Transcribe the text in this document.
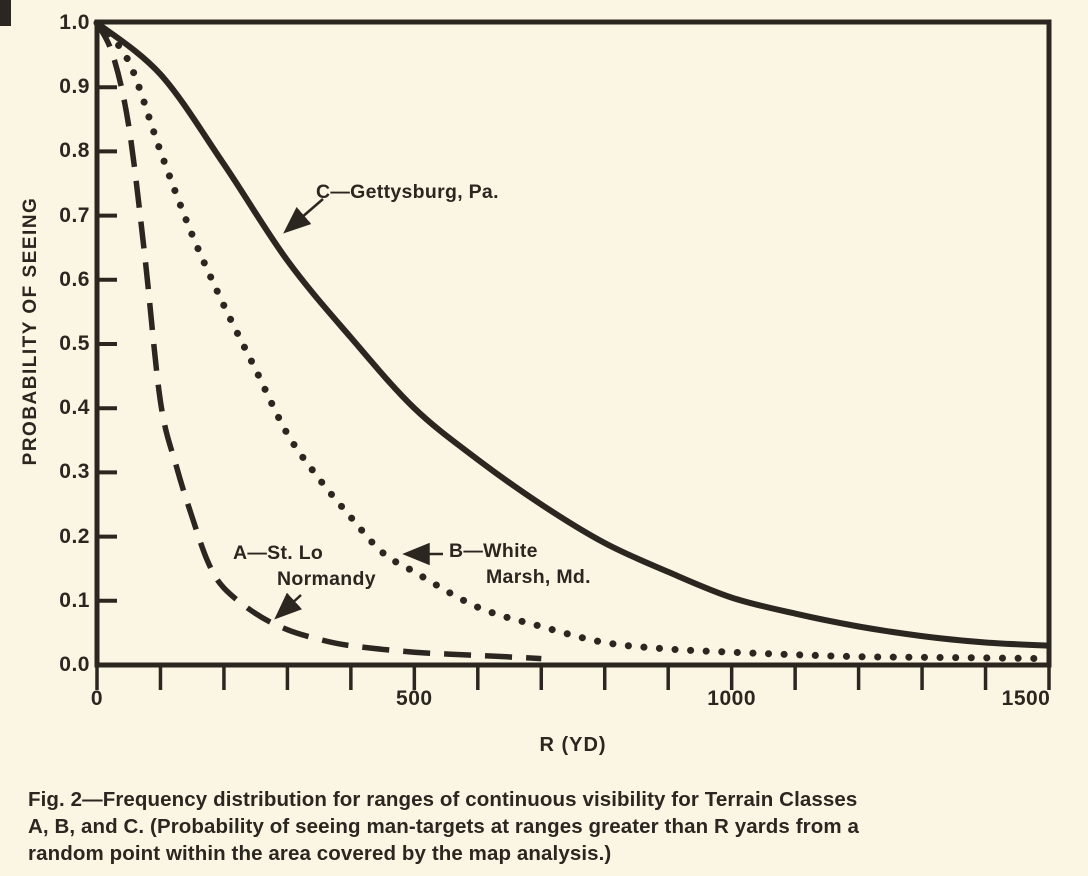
PROBABILITY OF SEEING
R (YD)
1.0
0.9
0.8
0.7
0.6
0.5
0.4
0.3
0.2
0.1
0.0
0	500	1000	1500
C—Gettysburg, Pa.
A—St. Lo
Normandy
B—White
Marsh, Md.
Fig. 2—Frequency distribution for ranges of continuous visibility for Terrain Classes
A, B, and C. (Probability of seeing man-targets at ranges greater than R yards from a
random point within the area covered by the map analysis.)
